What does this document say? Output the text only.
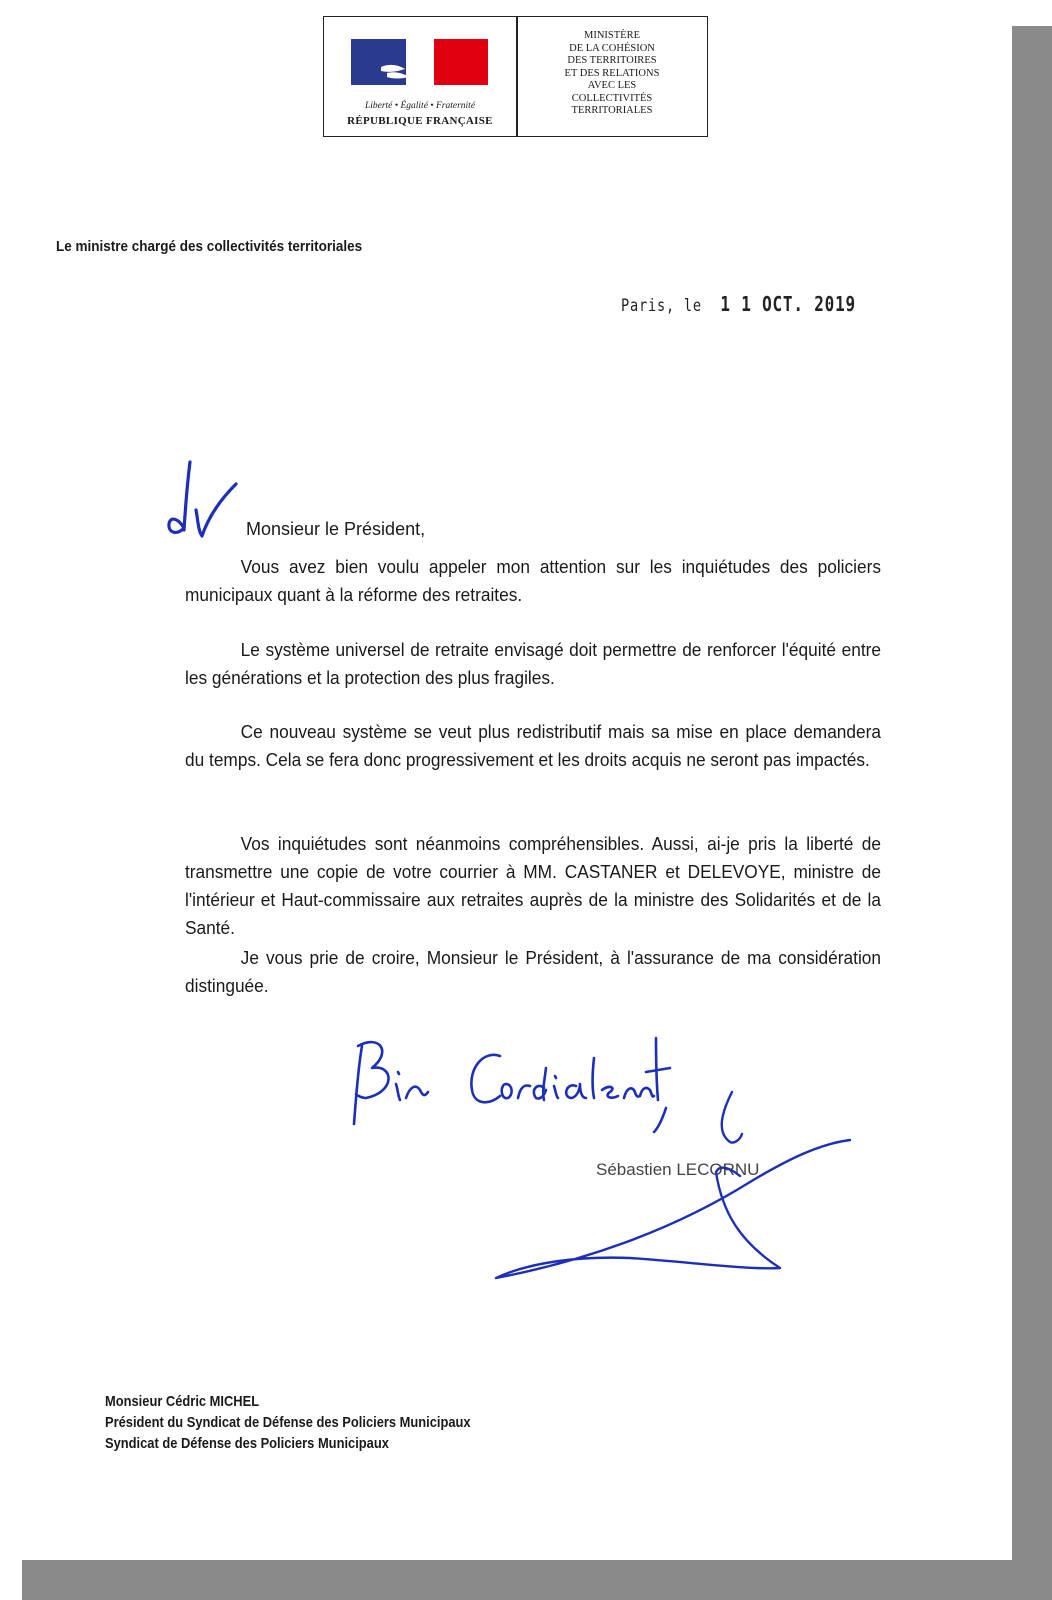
Liberté • Égalité • Fraternité
RÉPUBLIQUE FRANÇAISE
MINISTÈRE
DE LA COHÉSION
DES TERRITOIRES
ET DES RELATIONS
AVEC LES
COLLECTIVITÉS
TERRITORIALES
Le ministre chargé des collectivités territoriales
Paris, le 1 1 OCT. 2019
Monsieur le Président,
Vous avez bien voulu appeler mon attention sur les inquiétudes des policiers municipaux quant à la réforme des retraites.
Le système universel de retraite envisagé doit permettre de renforcer l'équité entre les générations et la protection des plus fragiles.
Ce nouveau système se veut plus redistributif mais sa mise en place demandera du temps. Cela se fera donc progressivement et les droits acquis ne seront pas impactés.
Vos inquiétudes sont néanmoins compréhensibles. Aussi, ai-je pris la liberté de transmettre une copie de votre courrier à MM. CASTANER et DELEVOYE, ministre de l'intérieur et Haut-commissaire aux retraites auprès de la ministre des Solidarités et de la Santé.
Je vous prie de croire, Monsieur le Président, à l'assurance de ma considération distinguée.
Sébastien LECORNU
Monsieur Cédric MICHEL
Président du Syndicat de Défense des Policiers Municipaux
Syndicat de Défense des Policiers Municipaux
